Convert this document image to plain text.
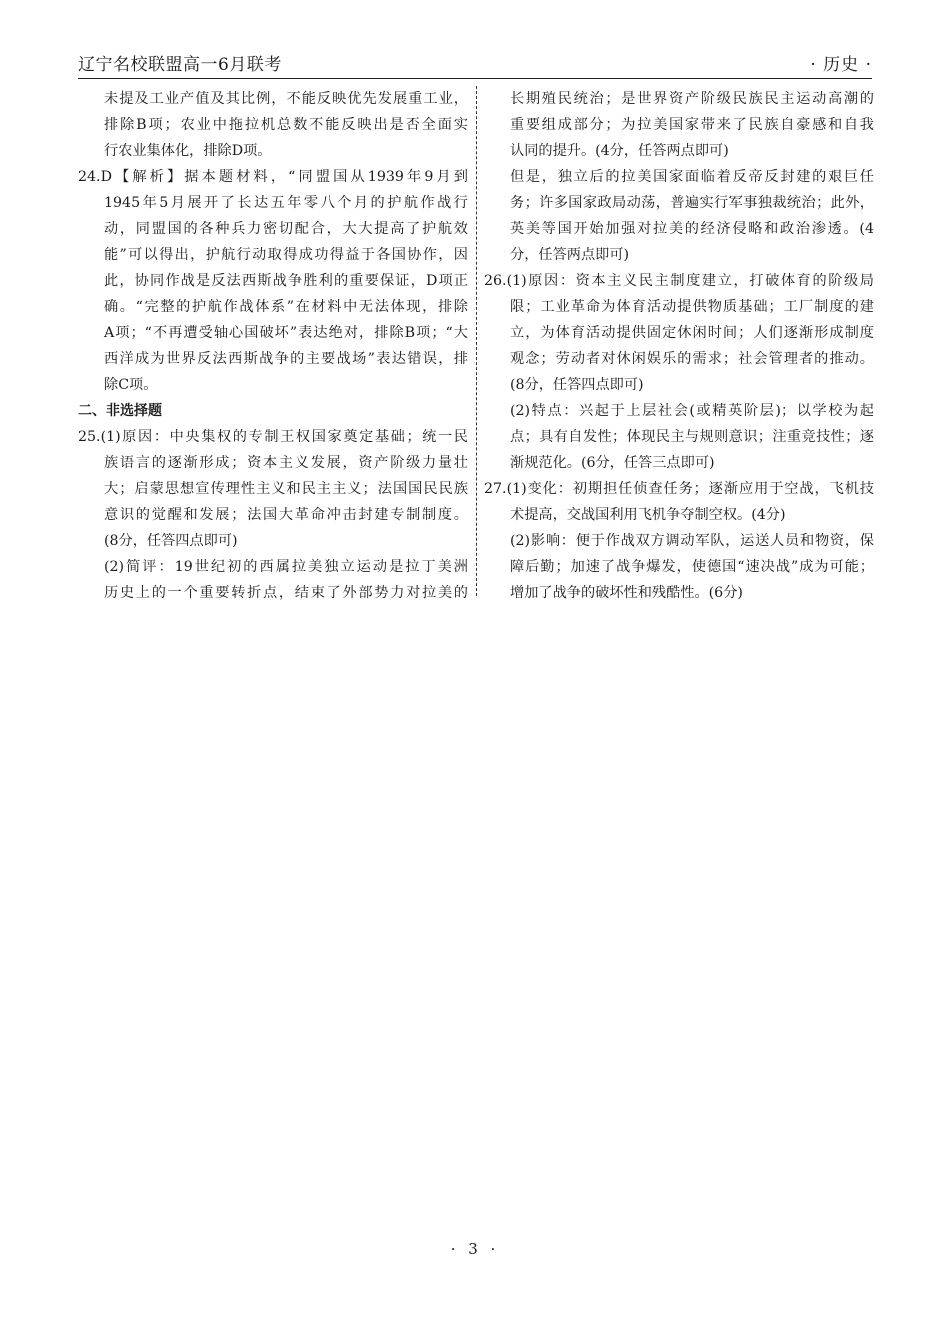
辽宁名校联盟高一6月联考	· 历史 ·
未提及工业产值及其比例，不能反映优先发展重工业，
排除B项；农业中拖拉机总数不能反映出是否全面实
行农业集体化，排除D项。
24.D【解析】据本题材料，“同盟国从1939年9月到
1945年5月展开了长达五年零八个月的护航作战行
动，同盟国的各种兵力密切配合，大大提高了护航效
能”可以得出，护航行动取得成功得益于各国协作，因
此，协同作战是反法西斯战争胜利的重要保证，D项正
确。“完整的护航作战体系”在材料中无法体现，排除
A项；“不再遭受轴心国破坏”表达绝对，排除B项；“大
西洋成为世界反法西斯战争的主要战场”表达错误，排
除C项。
二、非选择题
25.(1)原因：中央集权的专制王权国家奠定基础；统一民
族语言的逐渐形成；资本主义发展，资产阶级力量壮
大；启蒙思想宣传理性主义和民主主义；法国国民民族
意识的觉醒和发展；法国大革命冲击封建专制制度。
(8分，任答四点即可)
(2)简评：19世纪初的西属拉美独立运动是拉丁美洲
历史上的一个重要转折点，结束了外部势力对拉美的
长期殖民统治；是世界资产阶级民族民主运动高潮的
重要组成部分；为拉美国家带来了民族自豪感和自我
认同的提升。(4分，任答两点即可)
但是，独立后的拉美国家面临着反帝反封建的艰巨任
务；许多国家政局动荡，普遍实行军事独裁统治；此外，
英美等国开始加强对拉美的经济侵略和政治渗透。(4
分，任答两点即可)
26.(1)原因：资本主义民主制度建立，打破体育的阶级局
限；工业革命为体育活动提供物质基础；工厂制度的建
立，为体育活动提供固定休闲时间；人们逐渐形成制度
观念；劳动者对休闲娱乐的需求；社会管理者的推动。
(8分，任答四点即可)
(2)特点：兴起于上层社会(或精英阶层)；以学校为起
点；具有自发性；体现民主与规则意识；注重竞技性；逐
渐规范化。(6分，任答三点即可)
27.(1)变化：初期担任侦查任务；逐渐应用于空战，飞机技
术提高，交战国利用飞机争夺制空权。(4分)
(2)影响：便于作战双方调动军队，运送人员和物资，保
障后勤；加速了战争爆发，使德国“速决战”成为可能；
增加了战争的破坏性和残酷性。(6分)
· 3 ·
